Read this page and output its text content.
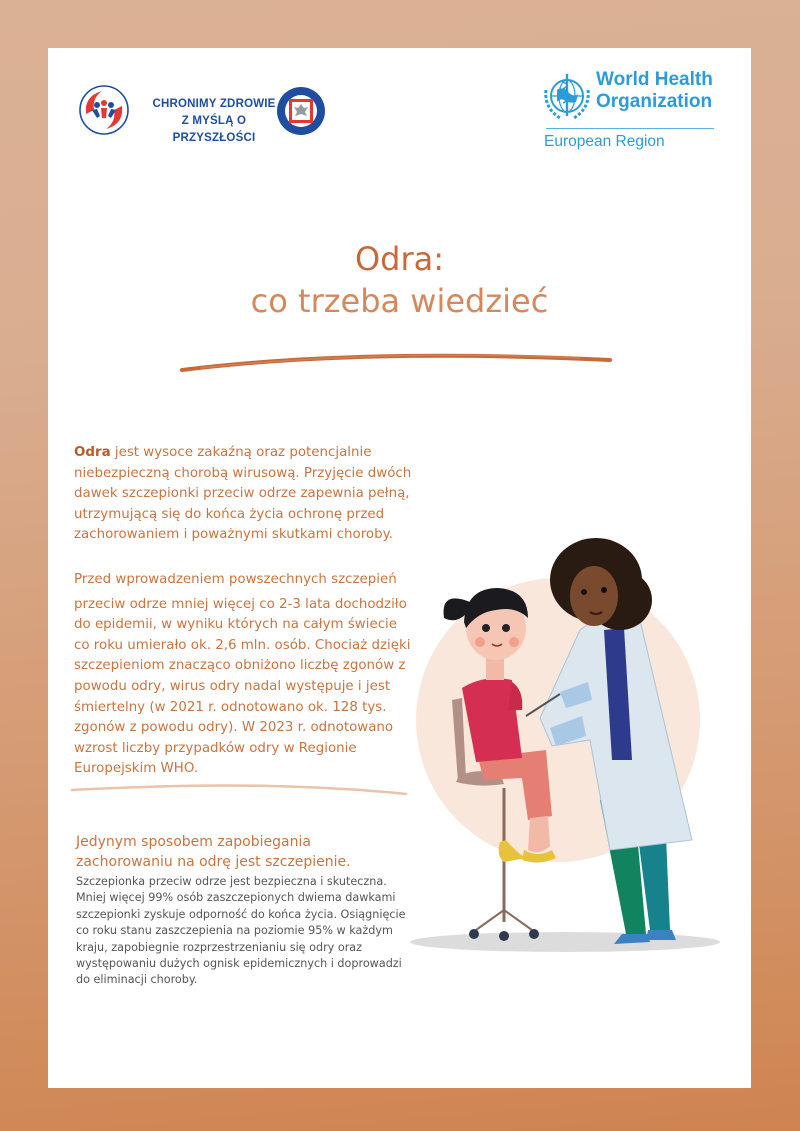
CHRONIMY ZDROWIE
Z MYŚLĄ O PRZYSZŁOŚCI
World Health
Organization
European Region
Odra:
co trzeba wiedzieć
Odra jest wysoce zakaźną oraz potencjalnie niebezpieczną chorobą wirusową. Przyjęcie dwóch dawek szczepionki przeciw odrze zapewnia pełną, utrzymującą się do końca życia ochronę przed zachorowaniem i poważnymi skutkami choroby.
Przed wprowadzeniem powszechnych szczepień
przeciw odrze mniej więcej co 2-3 lata dochodziło do epidemii, w wyniku których na całym świecie co roku umierało ok. 2,6 mln. osób. Chociaż dzięki szczepieniom znacząco obniżono liczbę zgonów z powodu odry, wirus odry nadal występuje i jest śmiertelny (w 2021 r. odnotowano ok. 128 tys. zgonów z powodu odry). W 2023 r. odnotowano wzrost liczby przypadków odry w Regionie Europejskim WHO.
Jedynym sposobem zapobiegania zachorowaniu na odrę jest szczepienie.
Szczepionka przeciw odrze jest bezpieczna i skuteczna. Mniej więcej 99% osób zaszczepionych dwiema dawkami szczepionki zyskuje odporność do końca życia. Osiągnięcie co roku stanu zaszczepienia na poziomie 95% w każdym kraju, zapobiegnie rozprzestrzenianiu się odry oraz występowaniu dużych ognisk epidemicznych i doprowadzi do eliminacji choroby.
